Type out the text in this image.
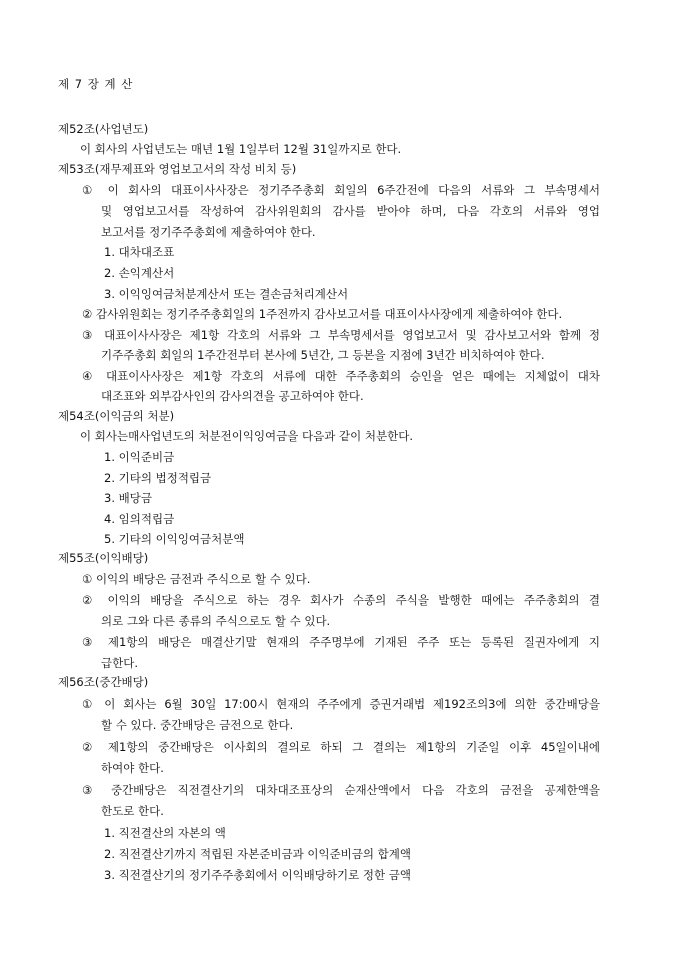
제 7 장 계 산
제52조(사업년도)
이 회사의 사업년도는 매년 1월 1일부터 12월 31일까지로 한다.
제53조(재무제표와 영업보고서의 작성 비치 등)
① 이 회사의 대표이사사장은 정기주주총회 회일의 6주간전에 다음의 서류와 그 부속명세서
및 영업보고서를 작성하여 감사위원회의 감사를 받아야 하며, 다음 각호의 서류와 영업
보고서를 정기주주총회에 제출하여야 한다.
1. 대차대조표
2. 손익계산서
3. 이익잉여금처분계산서 또는 결손금처리계산서
② 감사위원회는 정기주주총회일의 1주전까지 감사보고서를 대표이사사장에게 제출하여야 한다.
③ 대표이사사장은 제1항 각호의 서류와 그 부속명세서를 영업보고서 및 감사보고서와 함께 정
기주주총회 회일의 1주간전부터 본사에 5년간, 그 등본을 지점에 3년간 비치하여야 한다.
④ 대표이사사장은 제1항 각호의 서류에 대한 주주총회의 승인을 얻은 때에는 지체없이 대차
대조표와 외부감사인의 감사의견을 공고하여야 한다.
제54조(이익금의 처분)
이 회사는매사업년도의 처분전이익잉여금을 다음과 같이 처분한다.
1. 이익준비금
2. 기타의 법정적립금
3. 배당금
4. 임의적립금
5. 기타의 이익잉여금처분액
제55조(이익배당)
① 이익의 배당은 금전과 주식으로 할 수 있다.
② 이익의 배당을 주식으로 하는 경우 회사가 수종의 주식을 발행한 때에는 주주총회의 결
의로 그와 다른 종류의 주식으로도 할 수 있다.
③ 제1항의 배당은 매결산기말 현재의 주주명부에 기재된 주주 또는 등록된 질권자에게 지
급한다.
제56조(중간배당)
① 이 회사는 6월 30일 17:00시 현재의 주주에게 증권거래법 제192조의3에 의한 중간배당을
할 수 있다. 중간배당은 금전으로 한다.
② 제1항의 중간배당은 이사회의 결의로 하되 그 결의는 제1항의 기준일 이후 45일이내에
하여야 한다.
③ 중간배당은 직전결산기의 대차대조표상의 순재산액에서 다음 각호의 금전을 공제한액을
한도로 한다.
1. 직전결산의 자본의 액
2. 직전결산기까지 적립된 자본준비금과 이익준비금의 합계액
3. 직전결산기의 정기주주총회에서 이익배당하기로 정한 금액
